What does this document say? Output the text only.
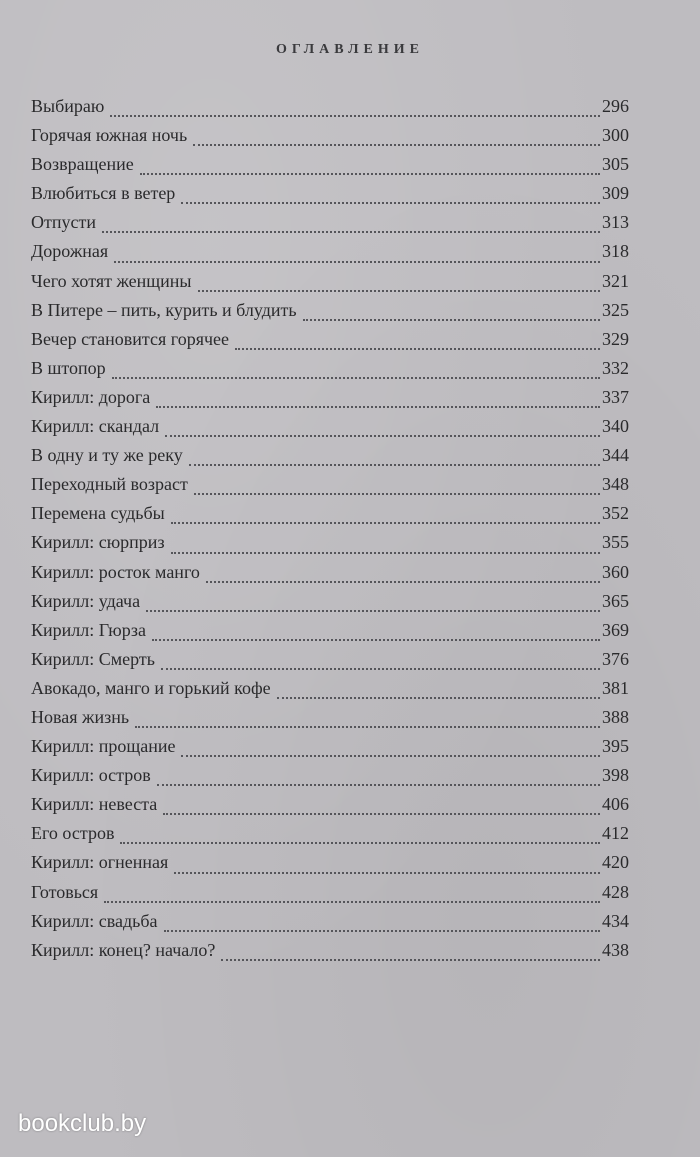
ОГЛАВЛЕНИЕ
Выбираю	296
Горячая южная ночь	300
Возвращение	305
Влюбиться в ветер	309
Отпусти	313
Дорожная	318
Чего хотят женщины	321
В Питере – пить, курить и блудить	325
Вечер становится горячее	329
В штопор	332
Кирилл: дорога	337
Кирилл: скандал	340
В одну и ту же реку	344
Переходный возраст	348
Перемена судьбы	352
Кирилл: сюрприз	355
Кирилл: росток манго	360
Кирилл: удача	365
Кирилл: Гюрза	369
Кирилл: Смерть	376
Авокадо, манго и горький кофе	381
Новая жизнь	388
Кирилл: прощание	395
Кирилл: остров	398
Кирилл: невеста	406
Его остров	412
Кирилл: огненная	420
Готовься	428
Кирилл: свадьба	434
Кирилл: конец? начало?	438
bookclub.by
